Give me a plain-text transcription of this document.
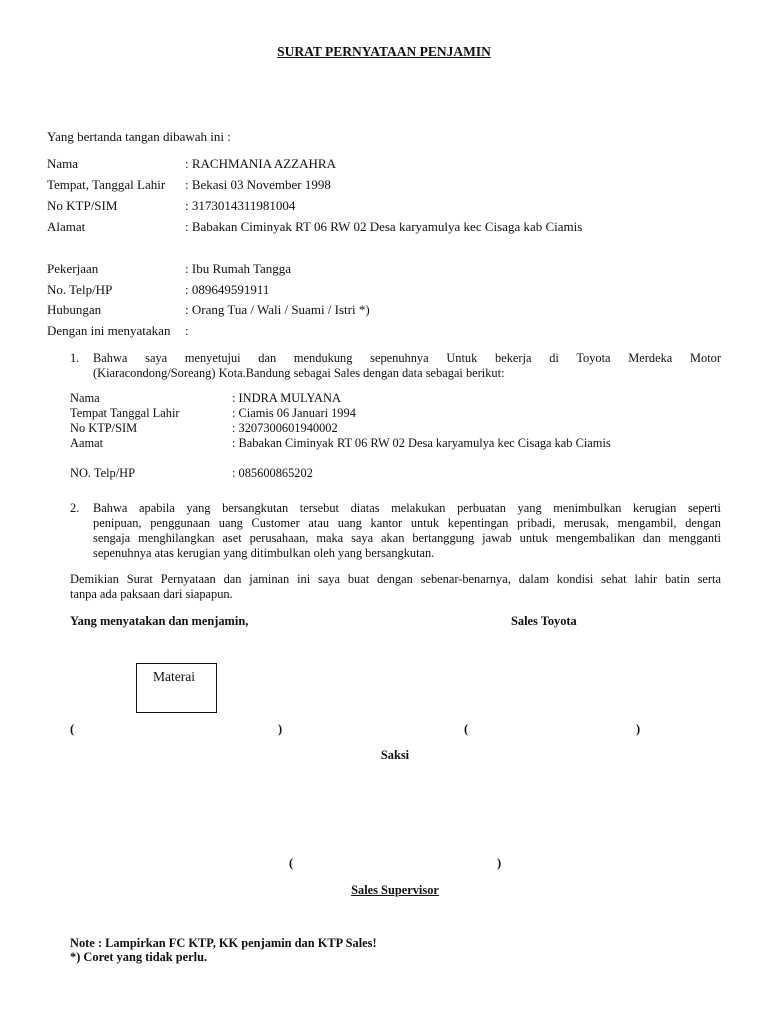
SURAT PERNYATAAN PENJAMIN
Yang bertanda tangan dibawah ini :
Nama	: RACHMANIA AZZAHRA
Tempat, Tanggal Lahir : Bekasi 03 November 1998
No KTP/SIM	: 3173014311981004
Alamat	: Babakan Ciminyak RT 06 RW 02 Desa karyamulya kec Cisaga kab Ciamis
Pekerjaan	: Ibu Rumah Tangga
No. Telp/HP	: 089649591911
Hubungan	: Orang Tua / Wali / Suami / Istri *)
Dengan ini menyatakan :
1. Bahwa saya menyetujui dan mendukung sepenuhnya Untuk bekerja di Toyota Merdeka Motor
(Kiaracondong/Soreang) Kota.Bandung sebagai Sales dengan data sebagai berikut:
Nama	: INDRA MULYANA
Tempat Tanggal Lahir	: Ciamis 06 Januari 1994
No KTP/SIM	: 3207300601940002
Aamat	: Babakan Ciminyak RT 06 RW 02 Desa karyamulya kec Cisaga kab Ciamis
NO. Telp/HP	: 085600865202
2. Bahwa apabila yang bersangkutan tersebut diatas melakukan perbuatan yang menimbulkan kerugian seperti
penipuan, penggunaan uang Customer atau uang kantor untuk kepentingan pribadi, merusak, mengambil, dengan
sengaja menghilangkan aset perusahaan, maka saya akan bertanggung jawab untuk mengembalikan dan mengganti
sepenuhnya atas kerugian yang ditimbulkan oleh yang bersangkutan.
Demikian Surat Pernyataan dan jaminan ini saya buat dengan sebenar-benarnya, dalam kondisi sehat lahir batin serta
tanpa ada paksaan dari siapapun.
Yang menyatakan dan menjamin,	Sales Toyota
Materai
(	)	(	)
Saksi
(	)
Sales Supervisor
Note : Lampirkan FC KTP, KK penjamin dan KTP Sales!
*) Coret yang tidak perlu.
